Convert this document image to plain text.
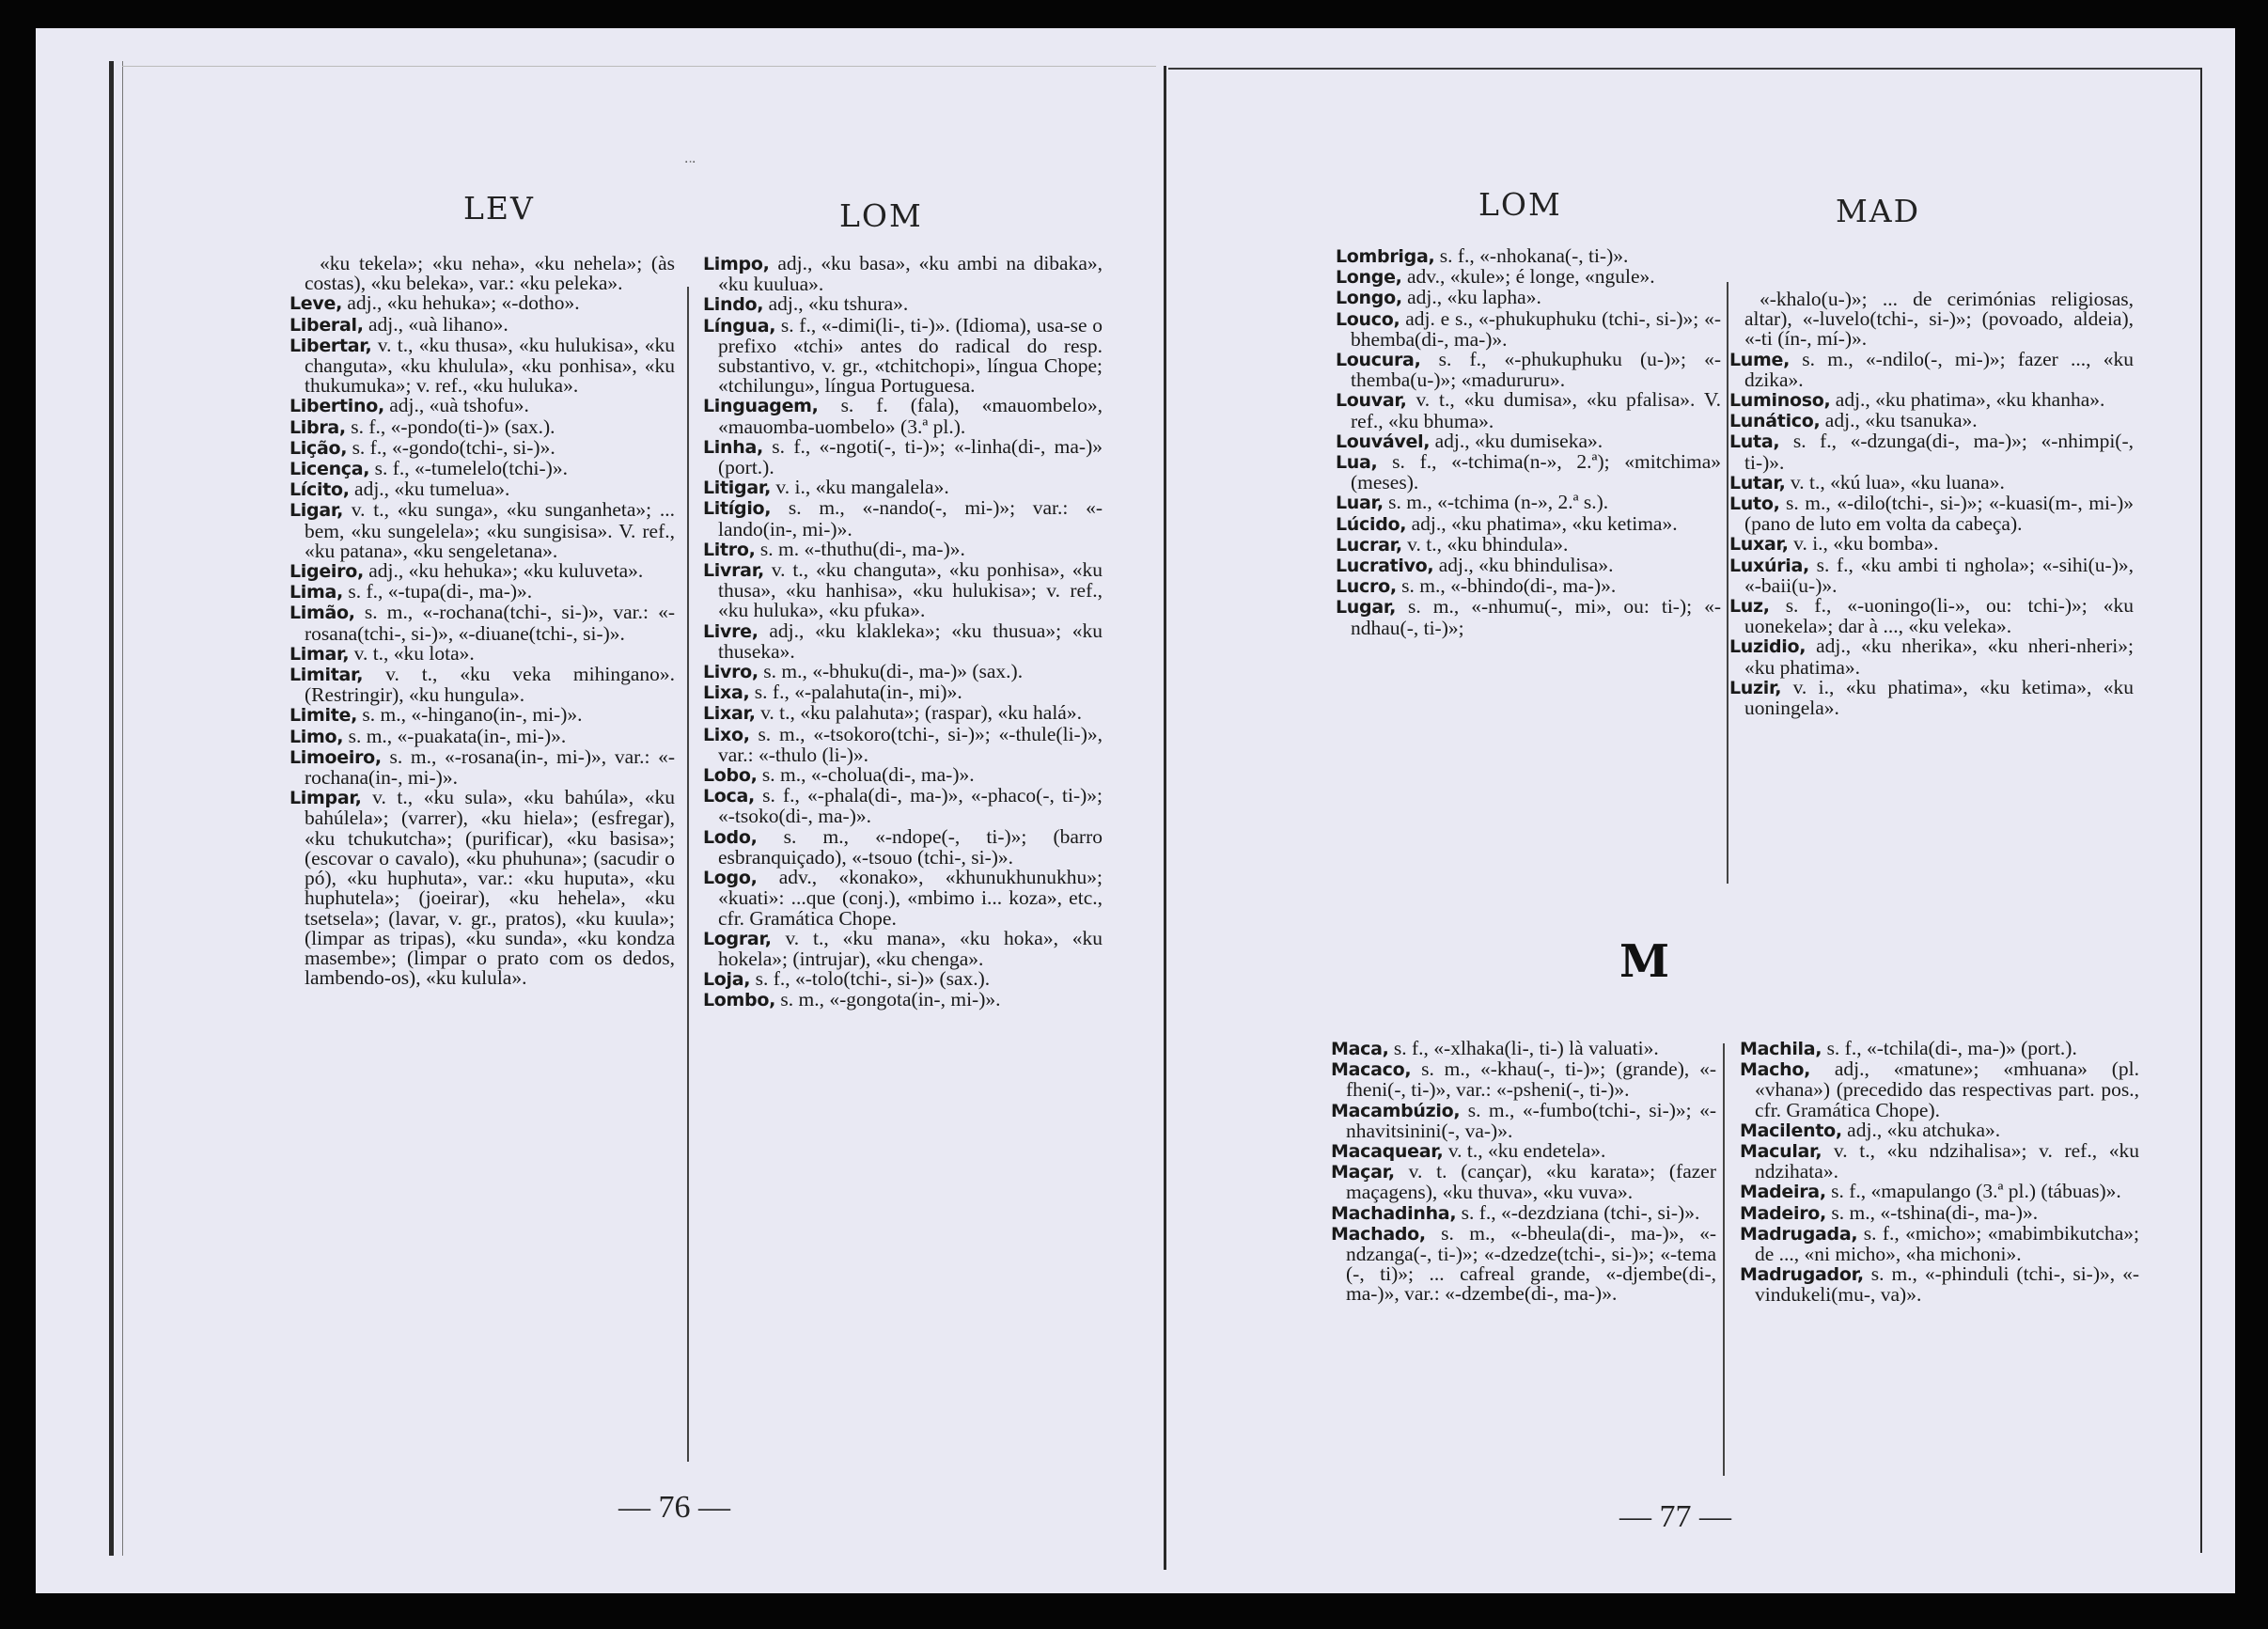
·ᐧ·
LEV	LOM

«ku tekela»; «ku neha», «ku nehela»; (às costas), «ku beleka», var.: «ku peleka».

Leve, adj., «ku hehuka»; «-dotho».

Liberal, adj., «uà lihano».

Libertar, v. t., «ku thusa», «ku hulukisa», «ku changuta», «ku khulula», «ku ponhisa», «ku thukumuka»; v. ref., «ku huluka».

Libertino, adj., «uà tshofu».

Libra, s. f., «-pondo(ti-)» (sax.).

Lição, s. f., «-gondo(tchi-, si-)».

Licença, s. f., «-tumelelo(tchi-)».

Lícito, adj., «ku tumelua».

Ligar, v. t., «ku sunga», «ku sunganheta»; ... bem, «ku sungelela»; «ku sungisisa». V. ref., «ku patana», «ku sengeletana».

Ligeiro, adj., «ku hehuka»; «ku kuluveta».

Lima, s. f., «-tupa(di-, ma-)».

Limão, s. m., «-rochana(tchi-, si-)», var.: «-rosana(tchi-, si-)», «-diuane(tchi-, si-)».

Limar, v. t., «ku lota».

Limitar, v. t., «ku veka mihingano». (Restringir), «ku hungula».

Limite, s. m., «-hingano(in-, mi-)».

Limo, s. m., «-puakata(in-, mi-)».

Limoeiro, s. m., «-rosana(in-, mi-)», var.: «-rochana(in-, mi-)».

Limpar, v. t., «ku sula», «ku bahúla», «ku bahúlela»; (varrer), «ku hiela»; (esfregar), «ku tchukutcha»; (purificar), «ku basisa»; (escovar o cavalo), «ku phuhuna»; (sacudir o pó), «ku huphuta», var.: «ku huputa», «ku huphutela»; (joeirar), «ku hehela», «ku tsetsela»; (lavar, v. gr., pratos), «ku kuula»; (limpar as tripas), «ku sunda», «ku kondza masembe»; (limpar o prato com os dedos, lambendo-os), «ku kulula».

Limpo, adj., «ku basa», «ku ambi na dibaka», «ku kuulua».

Lindo, adj., «ku tshura».

Língua, s. f., «-dimi(li-, ti-)». (Idioma), usa-se o prefixo «tchi» antes do radical do resp. substantivo, v. gr., «tchitchopi», língua Chope; «tchilungu», língua Portuguesa.

Linguagem, s. f. (fala), «mauombelo», «mauomba-uombelo» (3.ª pl.).

Linha, s. f., «-ngoti(-, ti-)»; «-linha(di-, ma-)» (port.).

Litigar, v. i., «ku mangalela».

Litígio, s. m., «-nando(-, mi-)»; var.: «-lando(in-, mi-)».

Litro, s. m. «-thuthu(di-, ma-)».

Livrar, v. t., «ku changuta», «ku ponhisa», «ku thusa», «ku hanhisa», «ku hulukisa»; v. ref., «ku huluka», «ku pfuka».

Livre, adj., «ku klakleka»; «ku thusua»; «ku thuseka».

Livro, s. m., «-bhuku(di-, ma-)» (sax.).

Lixa, s. f., «-palahuta(in-, mi)».

Lixar, v. t., «ku palahuta»; (raspar), «ku halá».

Lixo, s. m., «-tsokoro(tchi-, si-)»; «-thule(li-)», var.: «-thulo (li-)».

Lobo, s. m., «-cholua(di-, ma-)».

Loca, s. f., «-phala(di-, ma-)», «-phaco(-, ti-)»; «-tsoko(di-, ma-)».

Lodo, s. m., «-ndope(-, ti-)»; (barro esbranquiçado), «-tsouo (tchi-, si-)».

Logo, adv., «konako», «khunukhunukhu»; «kuati»: ...que (conj.), «mbimo i... koza», etc., cfr. Gramática Chope.

Lograr, v. t., «ku mana», «ku hoka», «ku hokela»; (intrujar), «ku chenga».

Loja, s. f., «-tolo(tchi-, si-)» (sax.).

Lombo, s. m., «-gongota(in-, mi-)».

— 76 —
LOM	MAD

Lombriga, s. f., «-nhokana(-, ti-)».

Longe, adv., «kule»; é longe, «ngule».

Longo, adj., «ku lapha».

Louco, adj. e s., «-phukuphuku (tchi-, si-)»; «-bhemba(di-, ma-)».

Loucura, s. f., «-phukuphuku (u-)»; «-themba(u-)»; «madururu».

Louvar, v. t., «ku dumisa», «ku pfalisa». V. ref., «ku bhuma».

Louvável, adj., «ku dumiseka».

Lua, s. f., «-tchima(n-», 2.ª); «mitchima» (meses).

Luar, s. m., «-tchima (n-», 2.ª s.).

Lúcido, adj., «ku phatima», «ku ketima».

Lucrar, v. t., «ku bhindula».

Lucrativo, adj., «ku bhindulisa».

Lucro, s. m., «-bhindo(di-, ma-)».

Lugar, s. m., «-nhumu(-, mi», ou: ti-); «-ndhau(-, ti-)»;

«-khalo(u-)»; ... de cerimónias religiosas, altar), «-luvelo(tchi-, si-)»; (povoado, aldeia), «-ti (ín-, mí-)».

Lume, s. m., «-ndilo(-, mi-)»; fazer ..., «ku dzika».

Luminoso, adj., «ku phatima», «ku khanha».

Lunático, adj., «ku tsanuka».

Luta, s. f., «-dzunga(di-, ma-)»; «-nhimpi(-, ti-)».

Lutar, v. t., «kú lua», «ku luana».

Luto, s. m., «-dilo(tchi-, si-)»; «-kuasi(m-, mi-)» (pano de luto em volta da cabeça).

Luxar, v. i., «ku bomba».

Luxúria, s. f., «ku ambi ti nghola»; «-sihi(u-)», «-baii(u-)».

Luz, s. f., «-uoningo(li-», ou: tchi-)»; «ku uonekela»; dar à ..., «ku veleka».

Luzidio, adj., «ku nherika», «ku nheri-nheri»; «ku phatima».

Luzir, v. i., «ku phatima», «ku ketima», «ku uoningela».

M

Maca, s. f., «-xlhaka(li-, ti-) là valuati».

Macaco, s. m., «-khau(-, ti-)»; (grande), «-fheni(-, ti-)», var.: «-psheni(-, ti-)».

Macambúzio, s. m., «-fumbo(tchi-, si-)»; «-nhavitsinini(-, va-)».

Macaquear, v. t., «ku endetela».

Maçar, v. t. (cançar), «ku karata»; (fazer maçagens), «ku thuva», «ku vuva».

Machadinha, s. f., «-dezdziana (tchi-, si-)».

Machado, s. m., «-bheula(di-, ma-)», «-ndzanga(-, ti-)»; «-dzedze(tchi-, si-)»; «-tema (-, ti)»; ... cafreal grande, «-djembe(di-, ma-)», var.: «-dzembe(di-, ma-)».

Machila, s. f., «-tchila(di-, ma-)» (port.).

Macho, adj., «matune»; «mhuana» (pl. «vhana») (precedido das respectivas part. pos., cfr. Gramática Chope).

Macilento, adj., «ku atchuka».

Macular, v. t., «ku ndzihalisa»; v. ref., «ku ndzihata».

Madeira, s. f., «mapulango (3.ª pl.) (tábuas)».

Madeiro, s. m., «-tshina(di-, ma-)».

Madrugada, s. f., «micho»; «mabimbikutcha»; de ..., «ni micho», «ha michoni».

Madrugador, s. m., «-phinduli (tchi-, si-)», «-vindukeli(mu-, va)».

— 77 —
